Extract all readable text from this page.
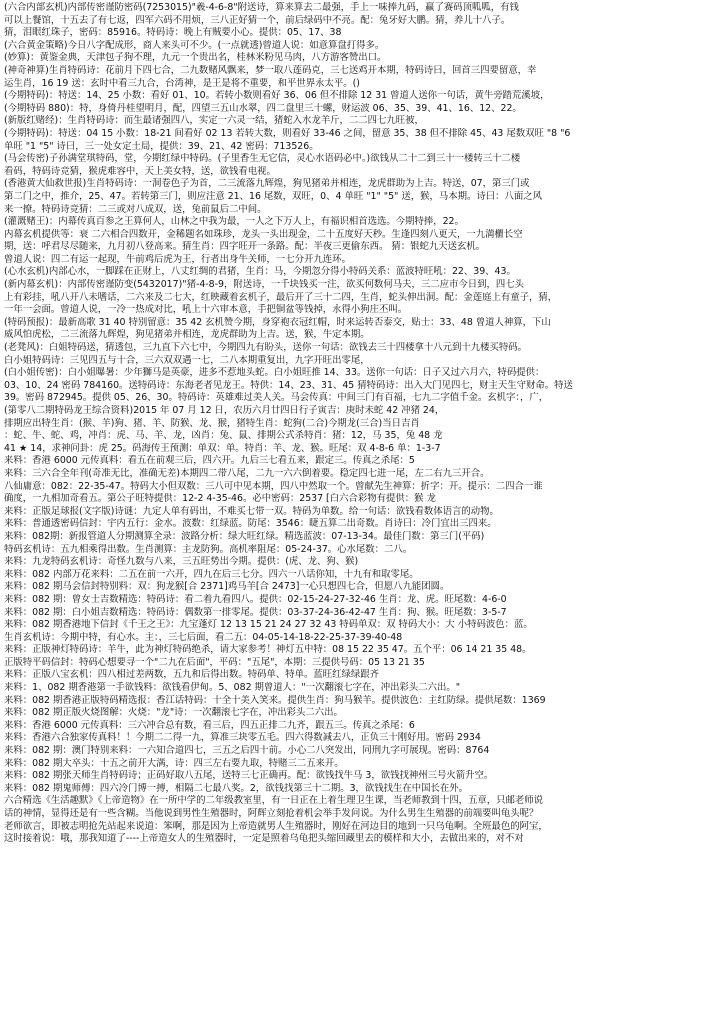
(六合内部玄机)内部传密谨防密码(7253015)"羲-4-6-8"附送诗，算来算去二最强，手上一味捧九码，赢了赛码顶呱呱，有钱
可以上餐馆，十五去了有七返，四军六码不用烦，三八正好猜一个，前后绿码中不亮。配：兔牙好大鹏。猜，养儿十八子。
猜，泪眼红珠子，密码：85916。特码诗：晚上有贼要小心。提供：05、17、38
(六合黄金策略)今日八字配成形，商人来头可不少。(一点就透)曾道人说：如意算盘打得多。
(妙算)：黄鉴金典，天津包子狗不理，九元一个贵出名，桂林米粉见马肉，八方游客赞出口。
(神奇神算)生肖特码诗：花前月下四七合，二九数赌风飘来，梦一取八莲码克，三七送鸡开本期，特码诗曰，回首三四要留意，幸
运生肖，16 19 送：玄时中看三九合，台湾神，是王是将不重要，和平世界永太平。()
(今期特码)：特送：14、25 小数：看好 01、10。若转小数则看好 36、06 但不排除 12 31 曾道人送你一句话，黄牛旁踏荒溪坡，
(今期特码 880)：特，身倚丹桂望明月，配，四望三五山水翠，四二盘里三十螺，财运波 06、35、39、41、16、12、22。
(新版红赌经)：生肖特码诗：而生最诸强四八，实定一六灵一结，猪蛇入水龙羊斤，二二四七九旺被，
(今期特码)：特送：04 15 小数：18-21 间看好 02 13 若转大数，则看好 33-46 之间，留意 35、38 但不排除 45、43 尾数双旺 "8 "6
单旺 "1 "5" 诗曰，三一处女定土局，提供：39、21、42 密码：713526。
(马会传密)子孙满堂琪特码，堂，今期红绿中特码。(子里香生无它信，灵心水语码必中。)欲钱从二十二到三十一楼转三十二楼
看码，特码诗竞猜，猴虎难容中，天上美女特，送，欲钱看电视。
(香港黄大仙救世报)生肖特码诗：一洞卷色子为首，二三流落九辉煌，狗见猪弟并相连，龙虎群助为上吉。特送，07，第三门或
第二门之中，推介，25、47。若转第三门，则应注意 21、16 尾数，双旺，0、4 单旺 "1" "5" 送，猴，马本期。诗曰：八面之风
来一撩。特码诗竞猜：二三或对八成双，送，兔前鼠后二中间。
(灌溉赌王)：内幕传真百参之王算何人，山林之中我为最，一人之下万人上，有福识相首选选。今期特捧，22。
内幕玄机提供等：衰 二六相合四数开，金稀题名如珠珍，龙头一头出现金，二十五度好天秒。生逢四刻八更天，一九満櫃长空
期，送：呼君尽尽随来，九月初八登高来。猜生肖：四字旺开一条路。配：半夜三更偷东西。 猜：银蛇九天送玄机。
曾道人说：四二有运一起现，牛前鸡后虎为王，行者出身牛关师，一七分开九连环。
(心水玄机)内部心水，一脚踩在正财上，八丈红绸的君猪，生肖：马，今期忽分得小特码关系：蓝波特旺吼：22、39、43。
(新内幕玄机)：内部传密谨防变(5432017)"猪-4-8-9，附送诗，一千块钱买一注，欲买何数何马夫，三二应市今日到，四七头
上有彩挂，吼八开八未嗜话，二六来及二七大，红映藏着玄机子，最后开了三十二四，生肖，蛇头伸出洞。配：金莲庭上有童子，猜，
一年一会面。曾道人说，一冷一热成对比，吼上十六审本意，手把铜盆等钱掉，永得小狗庄丕叫。
(特码预报)：最新高歌 31 40 特别留意：35 42 玄机赞今期，身穿袍衣冠红帽，时来运转否泰交，贴士：33、48 曾道人神算，下山
威风怕虎松，二三流落九辉煌，狗见猪弟并相连，龙虎群助为上吉。送，猴，牛定本期。
(老凳风)：白姐特码送，猜透包，三九直下六七中，今期四九有盼头，送你一句话：欲钱去三十四楼拿十八元到十九楼买特码。
白小姐特码诗：三见四五与十合，三六双双遇一七，二八本期重复出，九字开旺出零尾，
(白小姐传密)：白小姐曝暑：少年獅马是英豪，进多不惹地头蛇。白小姐旺推 14、33。送你一句话：日子又过六月六，特码提供：
03、10、24 密码 784160。送特码诗：东海老者见龙王。特供：14、23、31、45 猜特码诗：出入大门见四七，财主天生守财命。特送
39。密码 872945。提供 05、26、30。特码诗：英雄难过美人关。马会传真：中间三门有百福，七九二字值千金。玄机字：，广，
(第零八二期特码龙王综合资料)2015 年 07 月 12 日，农历六月廿四日行子寅吉：庚时未蛇 42 冲猪 24，
排期应出特生肖：(猴、羊)狗、猪、羊、防猴、龙、猴，猪特生肖：蛇狗(二合)今期龙(三合)当日吉肖
：蛇、牛、蛇、鸡，冲肖：虎、马、羊、龙，凶肖：兔、鼠、排期公式杀特肖：猪：12，马 35，兔 48 龙
41 ★ 14，求神问卦：虎 25。码海传王预测：单双：单。特肖：羊、龙、猴。旺尾：双 4-8-6 单：1-3-7
来料：香港 6000 元传真料：看五在前观三后，四六开。九后三七看五来，跟定三。传真之杀尾：5
来料：三六合全年刊(奇准无比，准确无差)本期四二带八尾，二九一六六倒着要。稳定四七进一尾，左二右九三开合。
八仙庸意：082：22-35-47。特码大小但双数：三八可中见本期，四八中然取一个。曾献先生神算：折字：开。提示：二四合一谁
确度，一九相加奇看五。第公子旺特提供：12-2 4-35-46。必中密码：2537 [白六合彩物有提供：猴 龙
来料：正版足球报(文字版)诗谜：九定人单有码出，不难买七带一双。特码为单数。给一句话：欲钱看数体语言的动物。
来料：普通透密码信封：宇内五行：金水。波数：红绿蓝。防尾：3546：睫五算二出奇数。肖诗曰：冷门宜出三四来。
来料：082期：新报管道人分期测算全录：波路分析：绿大旺红绿。精选蓝波：07-13-34。最佳门数：第三门(平码)
特码玄机诗：五九相乘得出数。生肖测算：主龙防狗。高机率阻尾：05-24-37。心水尾数：二八。
来料：九龙特码玄机诗：奇怪九数与八来，三五旺势出今期。提供：(虎、龙、狗、猴)
来料：082 内部万花来料：二五在前一六开，四九在后三七分。四六一八话你知，十九有和取零尾。
来料：082 期马会信封特别料：双：狗龙猴[合 2371]鸡马羊[合 2473]一心只想四七合，但愿八九能团圆。
来料：082 期：曾女士吉数精选：特码诗：看二着九看四八。提供：02-15-24-27-32-46 生肖：龙、虎。旺尾数：4-6-0
来料：082 期：白小姐吉数精选：特码诗：偶数第一排零尾。提供：03-37-24-36-42-47 生肖：狗、猴。旺尾数：3-5-7
来料：082 期香港地下信封《千王之王》：九宝蓬灯 12 13 15 21 24 27 32 43 特码单双：双 特码大小：大 小特码波色：蓝。
生肖玄机诗：今期中特，有心水。主：，三七后面，看二五：04-05-14-18-22-25-37-39-40-48
来料：正版神灯特码诗：羊牛，此为神灯特码绝杀，请大家参考！神灯五中特：08 15 22 35 47。五个平：06 14 21 35 48。
正版特平码信封：特码心想要寻一个"二九在后面"，平码："五尾"，本期：三提供号码：05 13 21 35
来料：正版八宝玄机：四八相过差两数，五九和后得出数。特码单、特单。蓝旺红绿绿跟齐
来料：1、082 期香港第一手欲钱料：欲钱看伊甸。5、082 期曾道人："一次翻滚七字在，冲出彩头二六出。"
来料：082 期香港正版特码精选报：香江话特码：十全十美入笑来。提供生肖：狗马猴羊。提供波色：主红防绿。提供尾数：1369
来料：082 期正版火烧图解：火烧："龙"诗：一次翻滚七字在，冲出彩头二六出。
来料：香港 6000 元传真料：三六冲合总有数，看三后，四五正排二九齐，跟五三。传真之杀尾：6
来料：香港六合独家传真料！！今期二二得一九，算准三块零五毛。四六得数减去八，正负三十刚好用。密码 2934
来料：082 期：澳门特别来料：一六知合道四七，三五之后四十前。小心二八突发出，同刑九字可展现。密码：8764
来料：082 期大卒头：十五之前开大满，诗：四三左右要九取，特赌三二五来开。
来料：082 期张天师生肖特码诗；正码好取八五尾，送特三七正确再。配：欲钱找牛马 3，欲钱找神州三号火箭升空。
来料：082 期鬼师傅：四六冷门博一搏，相隔二七最八奖。2，欲钱找第三十二期。3，欲钱找生在中国长在外。
六合精选《生活趣默》《上帝造物》在一所中学的二年级教室里，有一日正在上着生理卫生课，当老师教到十四，五章，只邮老师说
话的神情，显得还是有一些含糊。当他说到男性生殖器时，阿辉立刻抢着机会举手发问说。为什么男生生殖器的前端要叫龟头呢？
老师欲言，即被志明抢先站起来说道：笨啊，那是因为上帝造就男人生殖器时，刚好在河边目的地到一只乌龟啊。全班最色的阿宝，
这时接着说：哦，那我知道了----上帝造女人的生殖器时，一定是照着乌龟把头缩回藏里去的模样和大小，去做出来的，对不对
